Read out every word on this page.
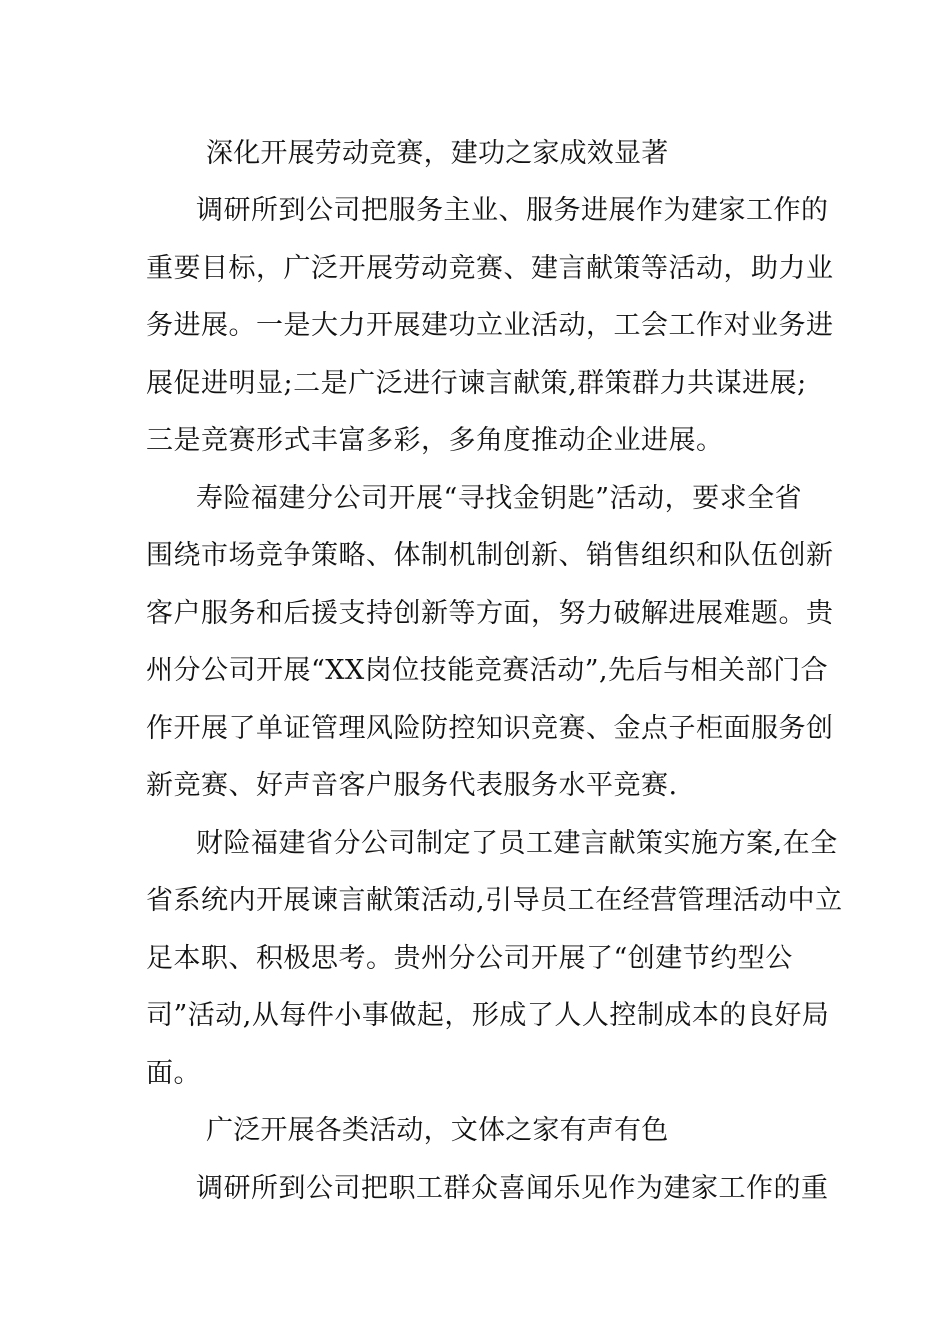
深化开展劳动竞赛，建功之家成效显著
调研所到公司把服务主业、服务进展作为建家工作的
重要目标，广泛开展劳动竞赛、建言献策等活动，助力业
务进展。一是大力开展建功立业活动，工会工作对业务进
展促进明显;二是广泛进行谏言献策,群策群力共谋进展;
三是竞赛形式丰富多彩，多角度推动企业进展。
寿险福建分公司开展“寻找金钥匙”活动，要求全省
围绕市场竞争策略、体制机制创新、销售组织和队伍创新
客户服务和后援支持创新等方面，努力破解进展难题。贵
州分公司开展“XX岗位技能竞赛活动”,先后与相关部门合
作开展了单证管理风险防控知识竞赛、金点子柜面服务创
新竞赛、好声音客户服务代表服务水平竞赛.
财险福建省分公司制定了员工建言献策实施方案,在全
省系统内开展谏言献策活动,引导员工在经营管理活动中立
足本职、积极思考。贵州分公司开展了“创建节约型公
司”活动,从每件小事做起，形成了人人控制成本的良好局
面。
广泛开展各类活动，文体之家有声有色
调研所到公司把职工群众喜闻乐见作为建家工作的重
